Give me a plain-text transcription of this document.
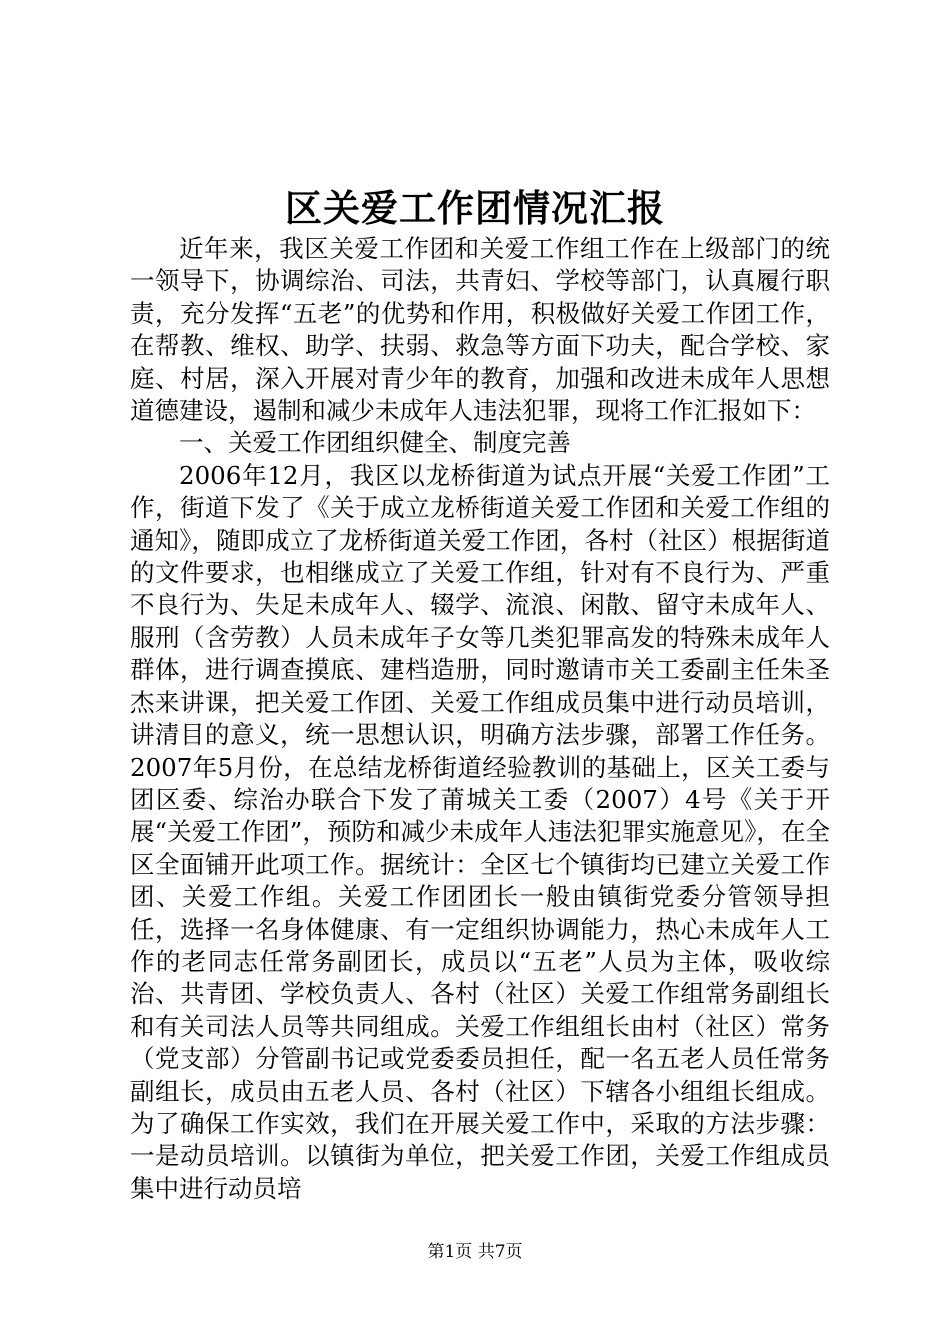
区关爱工作团情况汇报

近年来，我区关爱工作团和关爱工作组工作在上级部门的统一领导下，协调综治、司法，共青妇、学校等部门，认真履行职责，充分发挥“五老”的优势和作用，积极做好关爱工作团工作，在帮教、维权、助学、扶弱、救急等方面下功夫，配合学校、家庭、村居，深入开展对青少年的教育，加强和改进未成年人思想道德建设，遏制和减少未成年人违法犯罪，现将工作汇报如下：

一、关爱工作团组织健全、制度完善

2006年12月，我区以龙桥街道为试点开展“关爱工作团”工作，街道下发了《关于成立龙桥街道关爱工作团和关爱工作组的通知》，随即成立了龙桥街道关爱工作团，各村（社区）根据街道的文件要求，也相继成立了关爱工作组，针对有不良行为、严重不良行为、失足未成年人、辍学、流浪、闲散、留守未成年人、服刑（含劳教）人员未成年子女等几类犯罪高发的特殊未成年人群体，进行调查摸底、建档造册，同时邀请市关工委副主任朱圣杰来讲课，把关爱工作团、关爱工作组成员集中进行动员培训，讲清目的意义，统一思想认识，明确方法步骤，部署工作任务。2007年5月份，在总结龙桥街道经验教训的基础上，区关工委与团区委、综治办联合下发了莆城关工委（2007）4号《关于开展“关爱工作团”，预防和减少未成年人违法犯罪实施意见》，在全区全面铺开此项工作。据统计：全区七个镇街均已建立关爱工作团、关爱工作组。关爱工作团团长一般由镇街党委分管领导担任，选择一名身体健康、有一定组织协调能力，热心未成年人工作的老同志任常务副团长，成员以“五老”人员为主体，吸收综治、共青团、学校负责人、各村（社区）关爱工作组常务副组长和有关司法人员等共同组成。关爱工作组组长由村（社区）常务（党支部）分管副书记或党委委员担任，配一名五老人员任常务副组长，成员由五老人员、各村（社区）下辖各小组组长组成。为了确保工作实效，我们在开展关爱工作中，采取的方法步骤：一是动员培训。以镇街为单位，把关爱工作团，关爱工作组成员集中进行动员培

第1页 共7页
